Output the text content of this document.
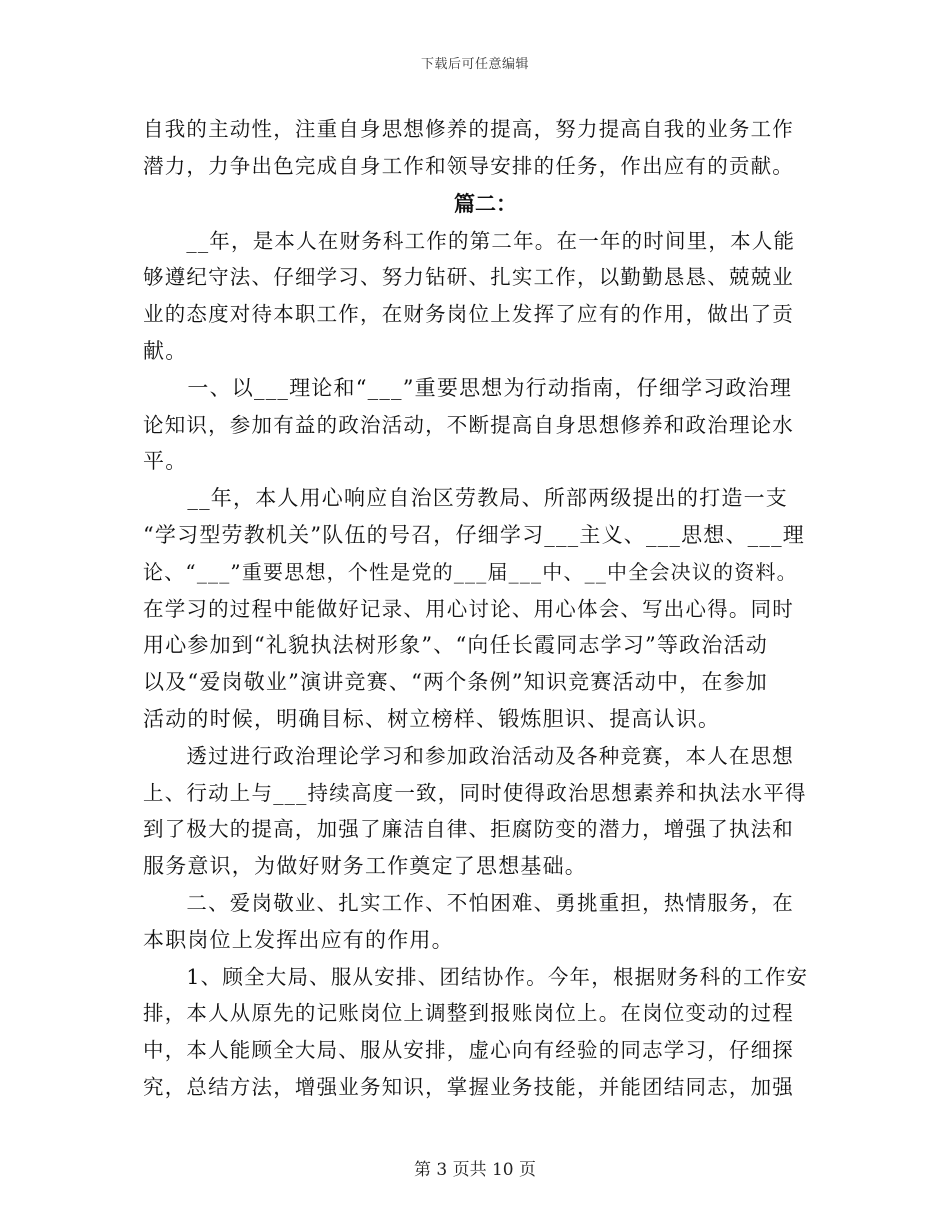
下载后可任意编辑
自我的主动性，注重自身思想修养的提高，努力提高自我的业务工作
潜力，力争出色完成自身工作和领导安排的任务，作出应有的贡献。
篇二：
　　__年，是本人在财务科工作的第二年。在一年的时间里，本人能
够遵纪守法、仔细学习、努力钻研、扎实工作，以勤勤恳恳、兢兢业
业的态度对待本职工作，在财务岗位上发挥了应有的作用，做出了贡
献。
　　一、以___理论和“___”重要思想为行动指南，仔细学习政治理
论知识，参加有益的政治活动，不断提高自身思想修养和政治理论水
平。
　　__年，本人用心响应自治区劳教局、所部两级提出的打造一支
“学习型劳教机关”队伍的号召，仔细学习___主义、___思想、___理
论、“___”重要思想，个性是党的___届___中、__中全会决议的资料。
在学习的过程中能做好记录、用心讨论、用心体会、写出心得。同时
用心参加到“礼貌执法树形象”、“向任长霞同志学习”等政治活动
以及“爱岗敬业”演讲竞赛、“两个条例”知识竞赛活动中，在参加
活动的时候，明确目标、树立榜样、锻炼胆识、提高认识。
　　透过进行政治理论学习和参加政治活动及各种竞赛，本人在思想
上、行动上与___持续高度一致，同时使得政治思想素养和执法水平得
到了极大的提高，加强了廉洁自律、拒腐防变的潜力，增强了执法和
服务意识，为做好财务工作奠定了思想基础。
　　二、爱岗敬业、扎实工作、不怕困难、勇挑重担，热情服务，在
本职岗位上发挥出应有的作用。
　　1、顾全大局、服从安排、团结协作。今年，根据财务科的工作安
排，本人从原先的记账岗位上调整到报账岗位上。在岗位变动的过程
中，本人能顾全大局、服从安排，虚心向有经验的同志学习，仔细探
究，总结方法，增强业务知识，掌握业务技能，并能团结同志，加强
第 3 页共 10 页
